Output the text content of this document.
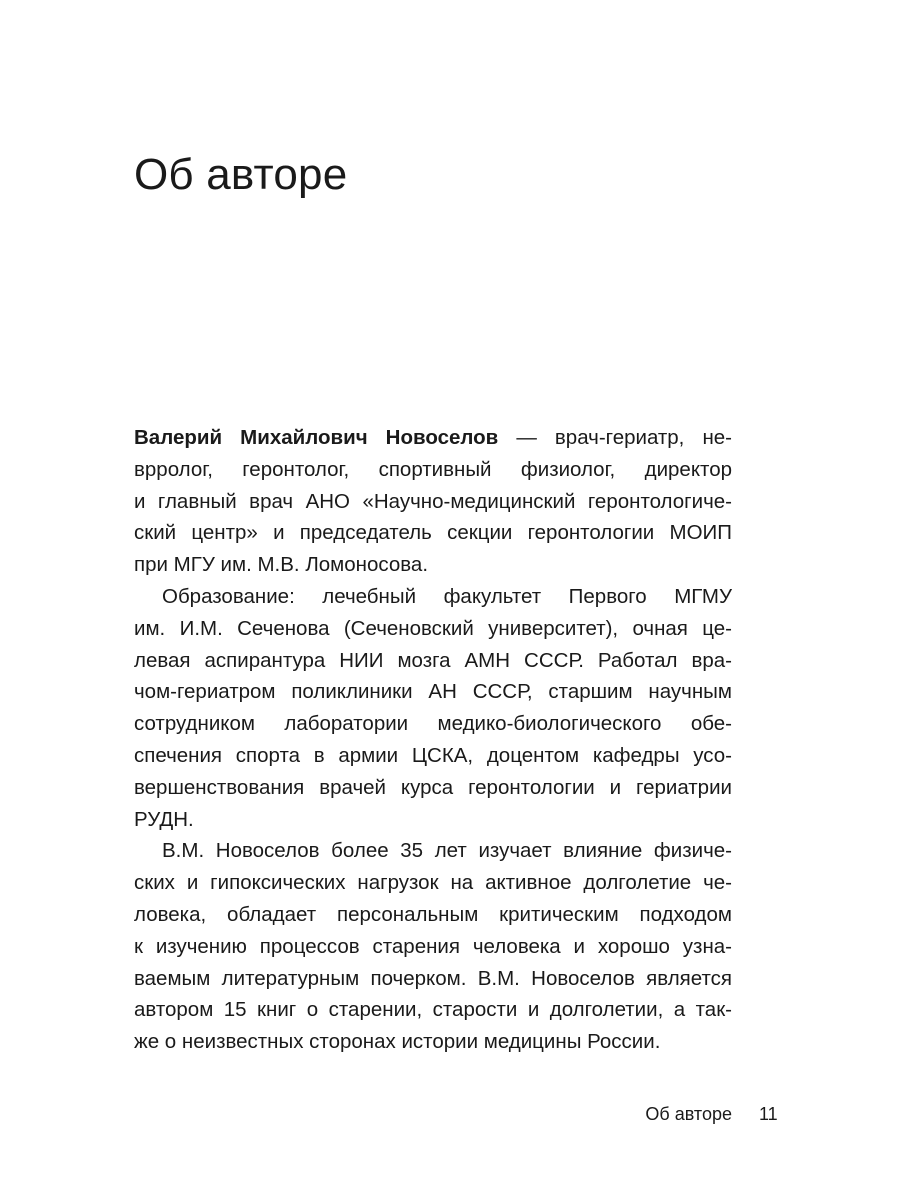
Об авторе
Валерий Михайлович Новоселов — врач-гериатр, не-
врролог, геронтолог, спортивный физиолог, директор
и главный врач АНО «Научно-медицинский геронтологиче-
ский центр» и председатель секции геронтологии МОИП
при МГУ им. М.В. Ломоносова.
Образование: лечебный факультет Первого МГМУ
им. И.М. Сеченова (Сеченовский университет), очная це-
левая аспирантура НИИ мозга АМН СССР. Работал вра-
чом-гериатром поликлиники АН СССР, старшим научным
сотрудником лаборатории медико-биологического обе-
спечения спорта в армии ЦСКА, доцентом кафедры усо-
вершенствования врачей курса геронтологии и гериатрии
РУДН.
В.М. Новоселов более 35 лет изучает влияние физиче-
ских и гипоксических нагрузок на активное долголетие че-
ловека, обладает персональным критическим подходом
к изучению процессов старения человека и хорошо узна-
ваемым литературным почерком. В.М. Новоселов является
автором 15 книг о старении, старости и долголетии, а так-
же о неизвестных сторонах истории медицины России.
Об авторе 11
